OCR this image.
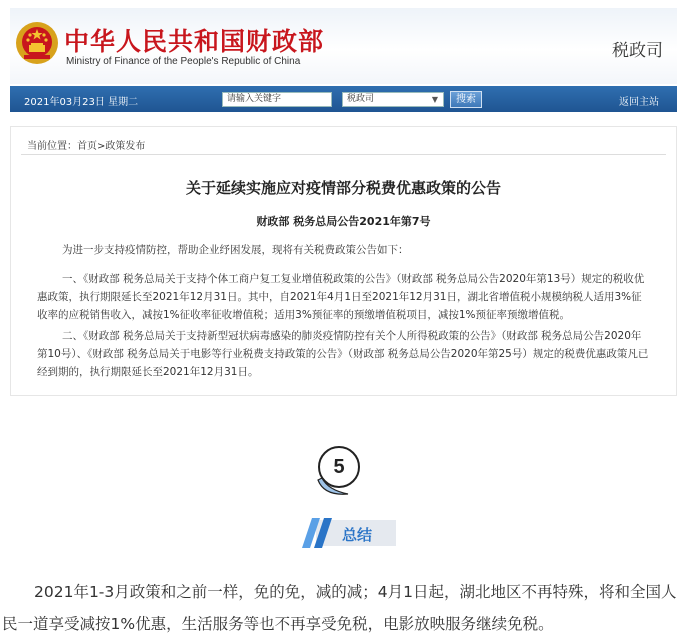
中华人民共和国财政部
Ministry of Finance of the People's Republic of China
税政司
2021年03月23日 星期二	请输入关键字	税政司	▼	搜索	返回主站
当前位置：首页>政策发布
关于延续实施应对疫情部分税费优惠政策的公告
财政部 税务总局公告2021年第7号
为进一步支持疫情防控，帮助企业纾困发展，现将有关税费政策公告如下：
一、《财政部 税务总局关于支持个体工商户复工复业增值税政策的公告》（财政部 税务总局公告2020年第13号）规定的税收优惠政策，执行期限延长至2021年12月31日。其中，自2021年4月1日至2021年12月31日，湖北省增值税小规模纳税人适用3%征收率的应税销售收入，减按1%征收率征收增值税；适用3%预征率的预缴增值税项目，减按1%预征率预缴增值税。
二、《财政部 税务总局关于支持新型冠状病毒感染的肺炎疫情防控有关个人所得税政策的公告》（财政部 税务总局公告2020年第10号）、《财政部 税务总局关于电影等行业税费支持政策的公告》（财政部 税务总局公告2020年第25号）规定的税费优惠政策凡已经到期的，执行期限延长至2021年12月31日。
5
总结
2021年1-3月政策和之前一样，免的免，减的减；4月1日起，湖北地区不再特殊，将和全国人民一道享受减按1%优惠，生活服务等也不再享受免税，电影放映服务继续免税。
